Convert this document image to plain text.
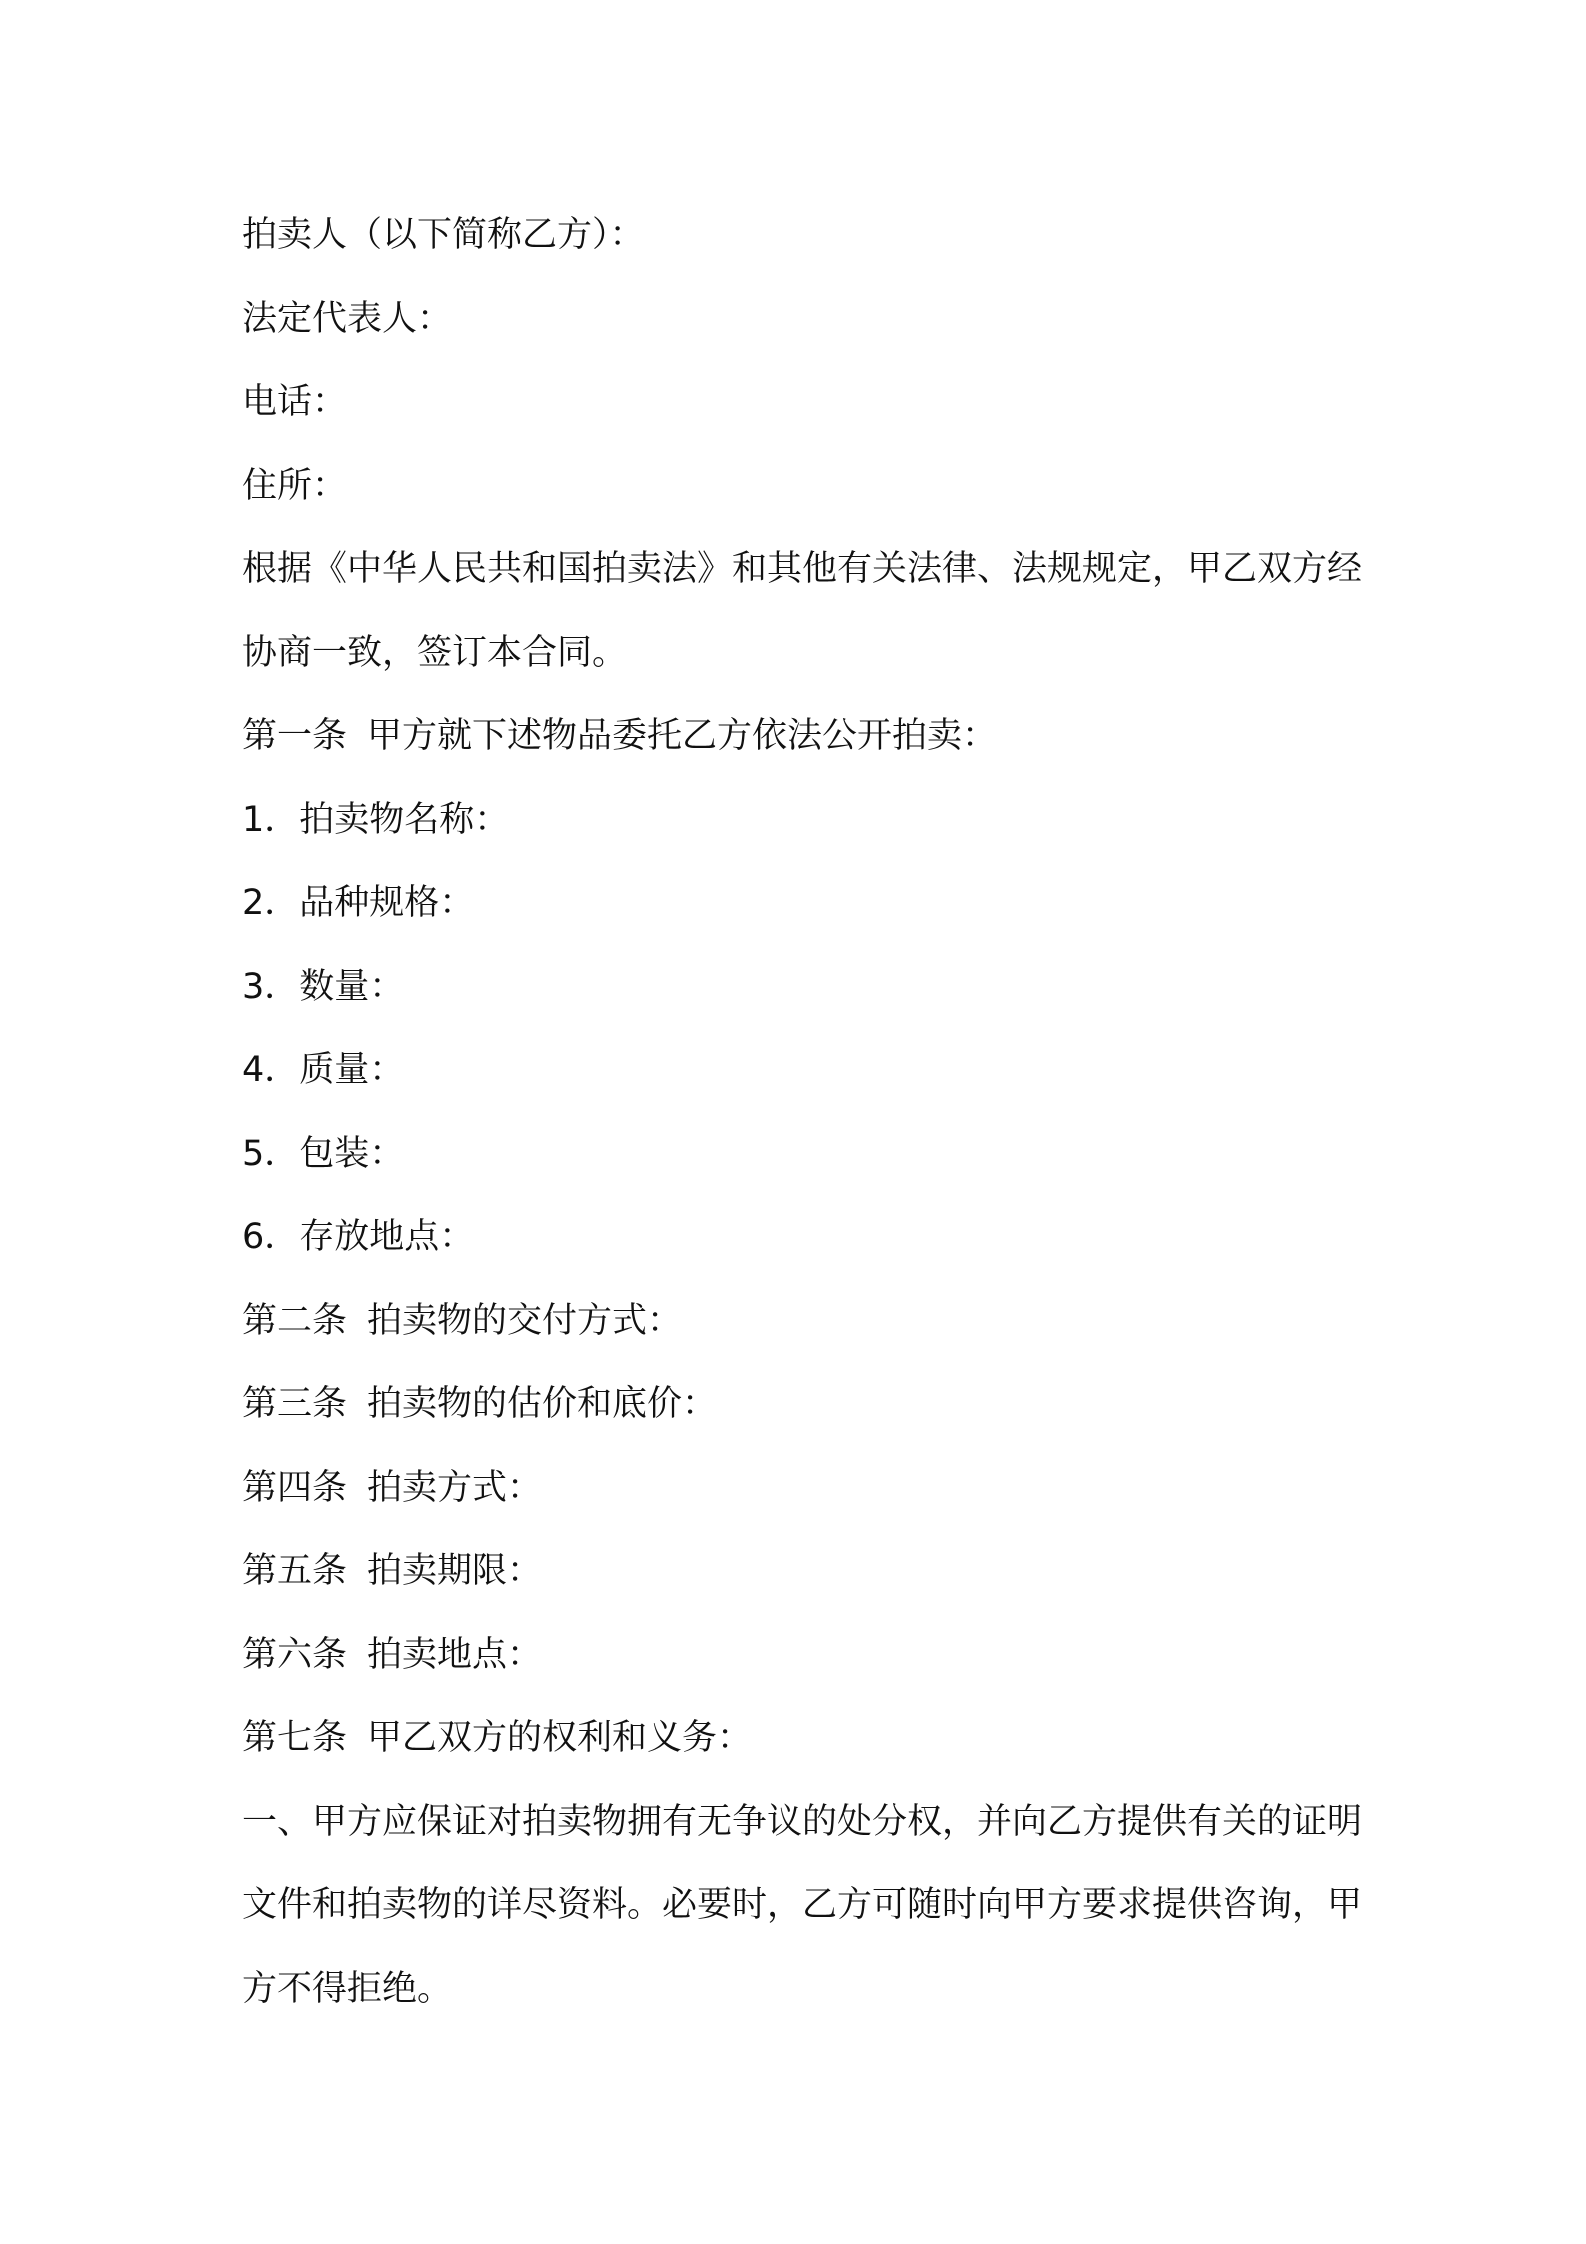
拍卖人（以下简称乙方）：
法定代表人：
电话：
住所：
根据《中华人民共和国拍卖法》和其他有关法律、法规规定，甲乙双方经协商一致，签订本合同。
第一条 甲方就下述物品委托乙方依法公开拍卖：
1．拍卖物名称：
2．品种规格：
3．数量：
4．质量：
5．包装：
6．存放地点：
第二条 拍卖物的交付方式：
第三条 拍卖物的估价和底价：
第四条 拍卖方式：
第五条 拍卖期限：
第六条 拍卖地点：
第七条 甲乙双方的权利和义务：
一、甲方应保证对拍卖物拥有无争议的处分权，并向乙方提供有关的证明文件和拍卖物的详尽资料。必要时，乙方可随时向甲方要求提供咨询，甲方不得拒绝。
